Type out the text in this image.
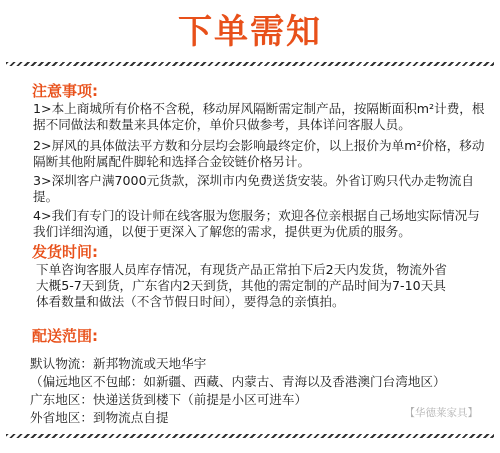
下单需知
注意事项:
1>本上商城所有价格不含税，移动屏风隔断需定制产品，按隔断面积m²计费，根
据不同做法和数量来具体定价，单价只做参考，具体详问客服人员。
2>屏风的具体做法平方数和分层均会影响最终定价，以上报价为单m²价格，移动
隔断其他附属配件脚轮和选择合金铰链价格另计。
3>深圳客户满7000元货款，深圳市内免费送货安装。外省订购只代办走物流自
提。
4>我们有专门的设计师在线客服为您服务；欢迎各位亲根据自己场地实际情况与
我们详细沟通，以便于更深入了解您的需求，提供更为优质的服务。
发货时间:
下单咨询客服人员库存情况，有现货产品正常拍下后2天内发货，物流外省
大概5-7天到货，广东省内2天到货，其他的需定制的产品时间为7-10天具
体看数量和做法（不含节假日时间），要得急的亲慎拍。
配送范围:
默认物流：新邦物流或天地华宇
（偏远地区不包邮：如新疆、西藏、内蒙古、青海以及香港澳门台湾地区）
广东地区：快递送货到楼下（前提是小区可进车）
外省地区：到物流点自提	【华德莱家具】
